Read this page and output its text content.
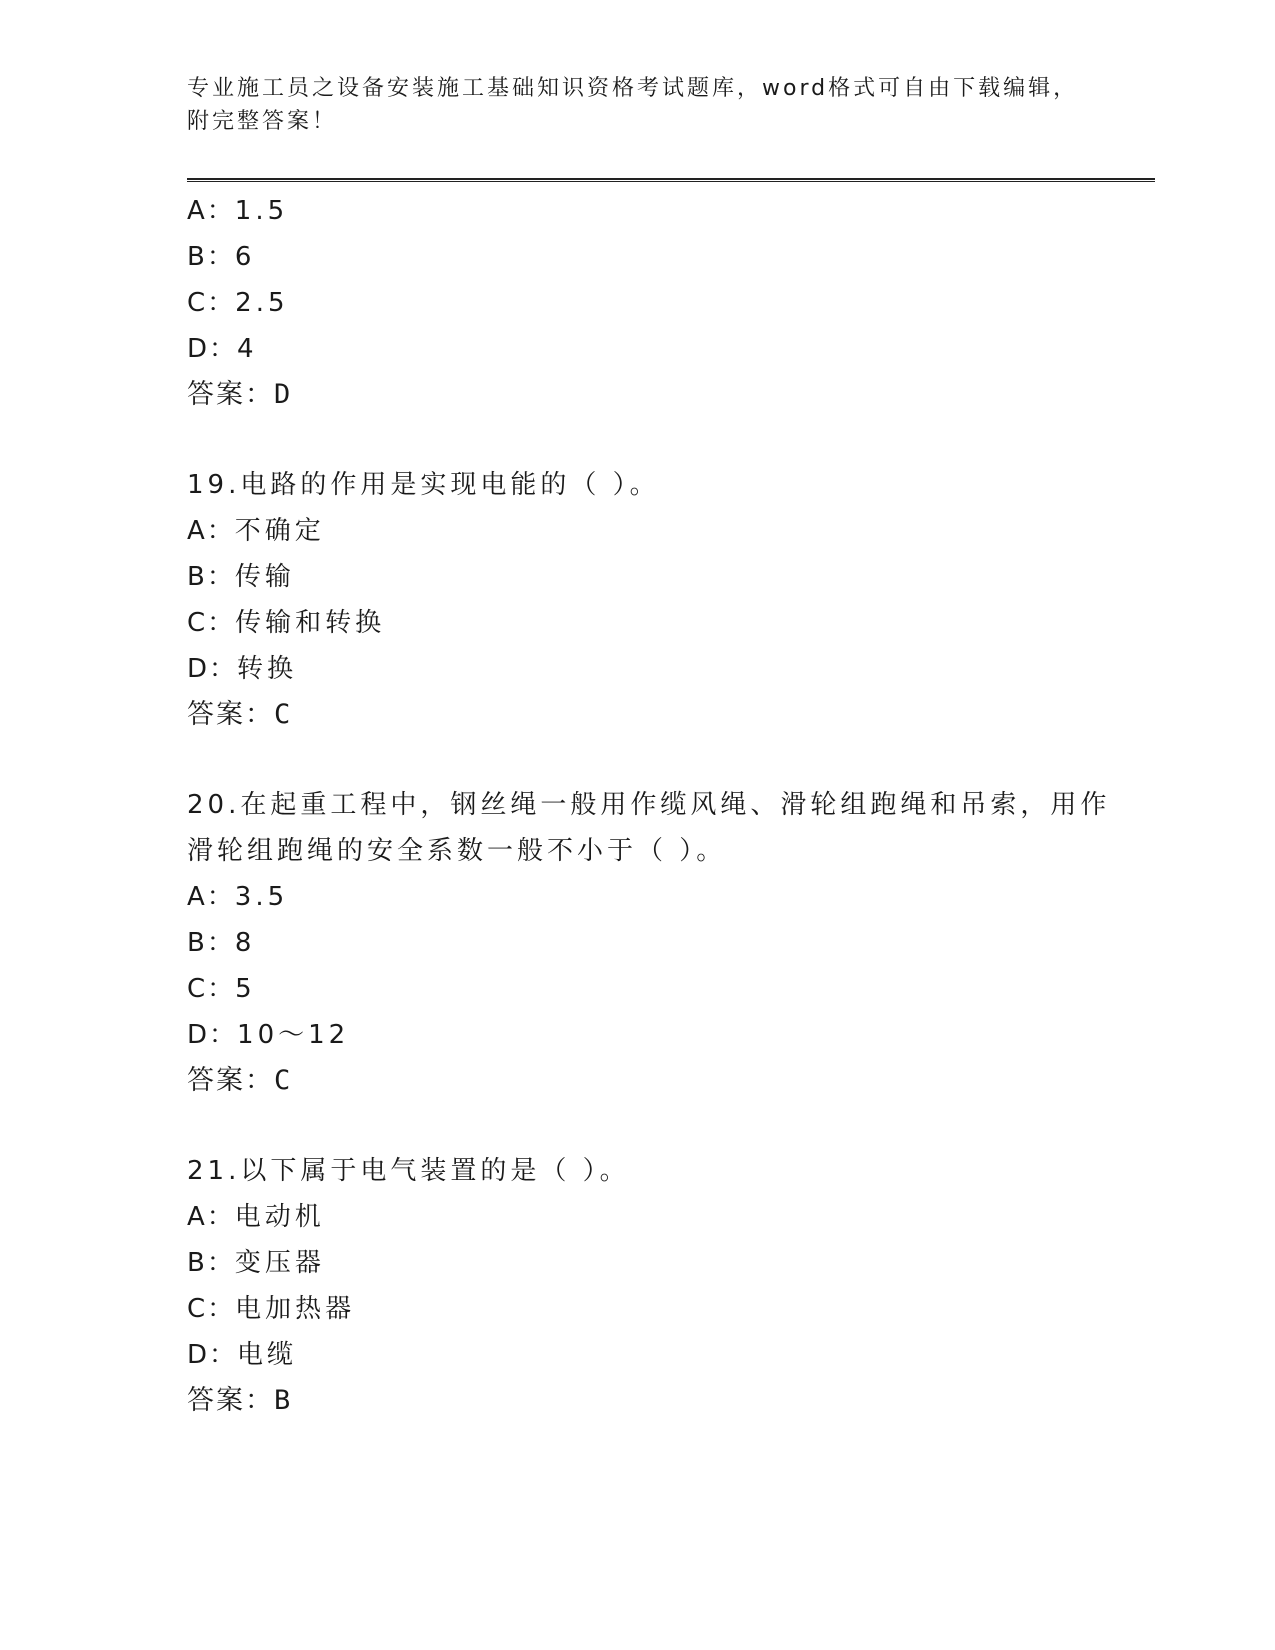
专业施工员之设备安装施工基础知识资格考试题库，word格式可自由下载编辑，
附完整答案！
A：1.5
B：6
C：2.5
D：4
答案：D
19.电路的作用是实现电能的（ ）。
A：不确定
B：传输
C：传输和转换
D：转换
答案：C
20.在起重工程中，钢丝绳一般用作缆风绳、滑轮组跑绳和吊索，用作
滑轮组跑绳的安全系数一般不小于（ ）。
A：3.5
B：8
C：5
D：10～12
答案：C
21.以下属于电气装置的是（ ）。
A：电动机
B：变压器
C：电加热器
D：电缆
答案：B
